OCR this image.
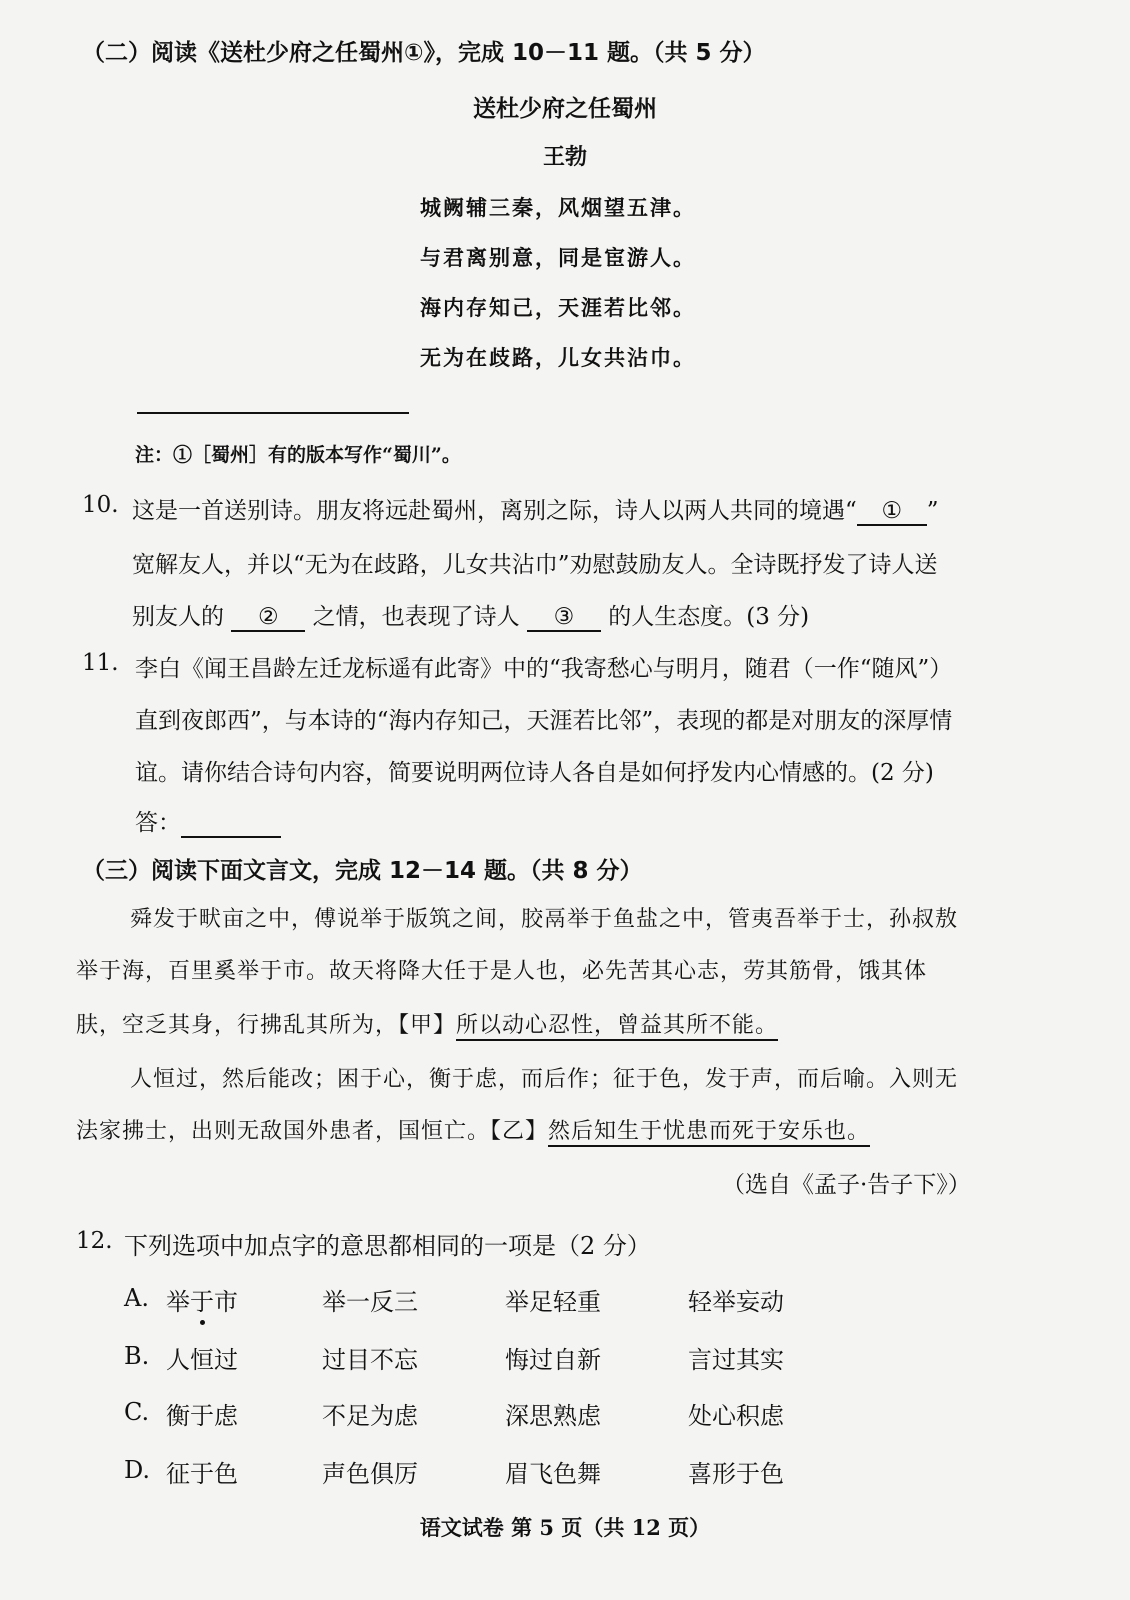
（二）阅读《送杜少府之任蜀州①》，完成 10－11 题。（共 5 分）
送杜少府之任蜀州
王勃
城阙辅三秦，风烟望五津。
与君离别意，同是宦游人。
海内存知己，天涯若比邻。
无为在歧路，儿女共沾巾。
注：①［蜀州］有的版本写作“蜀川”。
10. 这是一首送别诗。朋友将远赴蜀州，离别之际，诗人以两人共同的境遇“ ① ”
宽解友人，并以“无为在歧路，儿女共沾巾”劝慰鼓励友人。全诗既抒发了诗人送
别友人的 ② 之情，也表现了诗人 ③ 的人生态度。(3 分)
11. 李白《闻王昌龄左迁龙标遥有此寄》中的“我寄愁心与明月，随君（一作“随风”）
直到夜郎西”，与本诗的“海内存知己，天涯若比邻”，表现的都是对朋友的深厚情
谊。请你结合诗句内容，简要说明两位诗人各自是如何抒发内心情感的。(2 分)
答：
（三）阅读下面文言文，完成 12－14 题。（共 8 分）
舜发于畎亩之中，傅说举于版筑之间，胶鬲举于鱼盐之中，管夷吾举于士，孙叔敖
举于海，百里奚举于市。故天将降大任于是人也，必先苦其心志，劳其筋骨，饿其体
肤，空乏其身，行拂乱其所为，【甲】所以动心忍性，曾益其所不能。
人恒过，然后能改；困于心，衡于虑，而后作；征于色，发于声，而后喻。入则无
法家拂士，出则无敌国外患者，国恒亡。【乙】然后知生于忧患而死于安乐也。
（选自《孟子·告子下》）
12. 下列选项中加点字的意思都相同的一项是（2 分）
A. 举于市	举一反三	举足轻重	轻举妄动
B. 人恒过	过目不忘	悔过自新	言过其实
C. 衡于虑	不足为虑	深思熟虑	处心积虑
D. 征于色	声色俱厉	眉飞色舞	喜形于色
语文试卷 第 5 页（共 12 页）
